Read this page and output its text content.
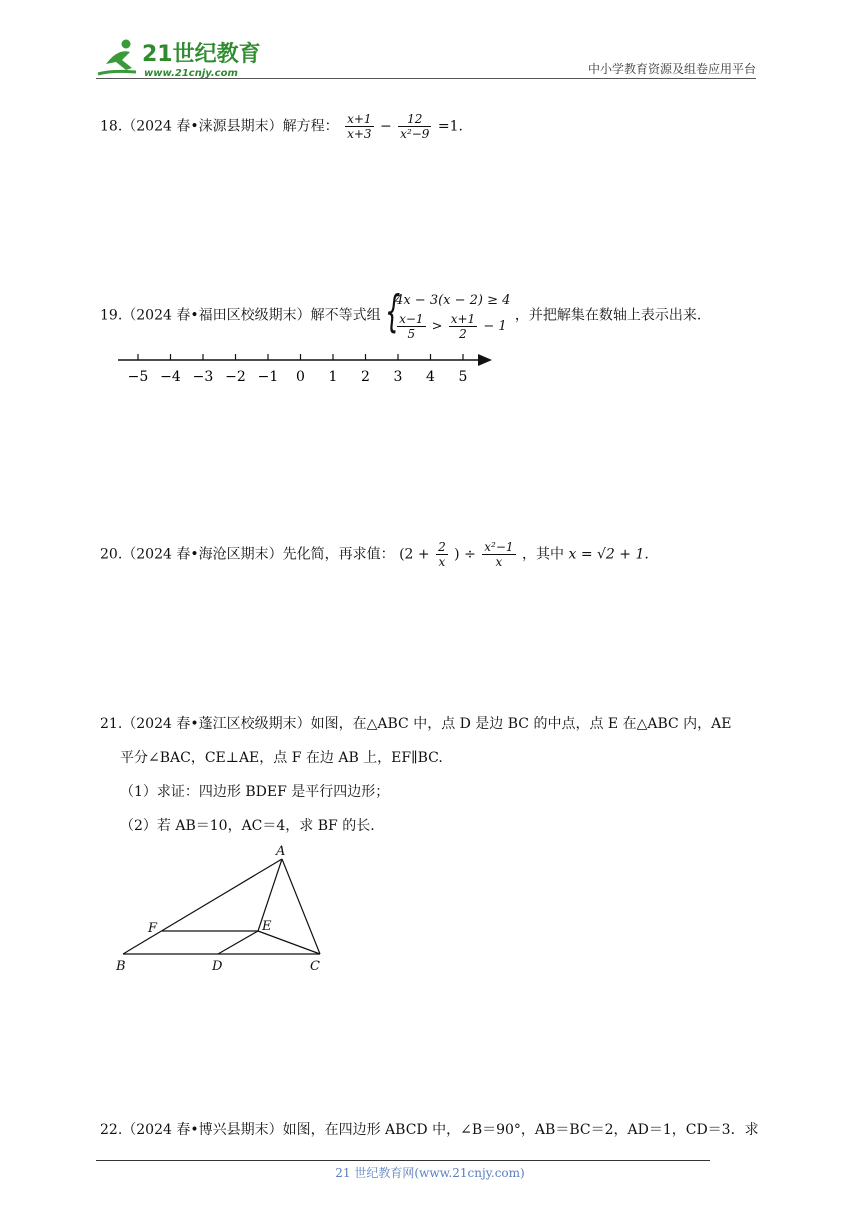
21世纪教育
www.21cnjy.com	中小学教育资源及组卷应用平台
18.（2024 春•涞源县期末）解方程： $\frac{x+1}{x+3} - \frac{12}{\text{x²−9}} =1$.
19.（2024 春•福田区校级期末）解不等式组 {
4x − 3(x − 2) ≥ 4
$\frac{x-1}{5} > \frac{x+1}{2} - 1$
，并把解集在数轴上表示出来.
−5 −4 −3 −2 −1 0 1 2 3 4 5
20.（2024 春•海沧区期末）先化简，再求值： ($2 + \frac{2}{x}$ ) ÷ $\frac{\text{x²−1}}{x}$ ，其中 x = √2 + 1.
21.（2024 春•蓬江区校级期末）如图，在△ABC 中，点 D 是边 BC 的中点，点 E 在△ABC 内，AE
平分∠BAC，CE⊥AE，点 F 在边 AB 上，EF∥BC.
（1）求证：四边形 BDEF 是平行四边形；
（2）若 AB＝10，AC＝4，求 BF 的长.
A
B	C
D
E
F
22.（2024 春•博兴县期末）如图，在四边形 ABCD 中，∠B＝90°，AB＝BC＝2，AD＝1，CD＝3．求
21 世纪教育网(www.21cnjy.com)
